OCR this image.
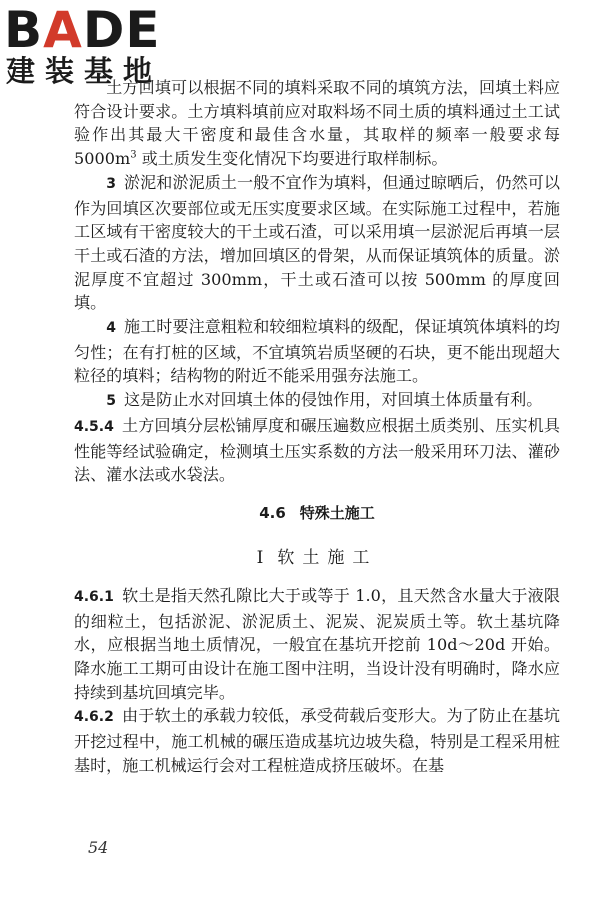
BADE
建装基地

土方回填可以根据不同的填料采取不同的填筑方法，回填土料应符合设计要求。土方填料填前应对取料场不同土质的填料通过土工试验作出其最大干密度和最佳含水量，其取样的频率一般要求每 $5000m^3$ 或土质发生变化情况下均要进行取样制标。

3 淤泥和淤泥质土一般不宜作为填料，但通过晾晒后，仍然可以作为回填区次要部位或无压实度要求区域。在实际施工过程中，若施工区域有干密度较大的干土或石渣，可以采用填一层淤泥后再填一层干土或石渣的方法，增加回填区的骨架，从而保证填筑体的质量。淤泥厚度不宜超过 300mm，干土或石渣可以按 500mm 的厚度回填。

4 施工时要注意粗粒和较细粒填料的级配，保证填筑体填料的均匀性；在有打桩的区域，不宜填筑岩质坚硬的石块，更不能出现超大粒径的填料；结构物的附近不能采用强夯法施工。

5 这是防止水对回填土体的侵蚀作用，对回填土体质量有利。

4.5.4 土方回填分层松铺厚度和碾压遍数应根据土质类别、压实机具性能等经试验确定，检测填土压实系数的方法一般采用环刀法、灌砂法、灌水法或水袋法。

4.6 特殊土施工
Ⅰ 软土施工

4.6.1 软土是指天然孔隙比大于或等于 1.0，且天然含水量大于液限的细粒土，包括淤泥、淤泥质土、泥炭、泥炭质土等。软土基坑降水，应根据当地土质情况，一般宜在基坑开挖前 10d～20d 开始。降水施工工期可由设计在施工图中注明，当设计没有明确时，降水应持续到基坑回填完毕。

4.6.2 由于软土的承载力较低，承受荷载后变形大。为了防止在基坑开挖过程中，施工机械的碾压造成基坑边坡失稳，特别是工程采用桩基时，施工机械运行会对工程桩造成挤压破坏。在基

54
